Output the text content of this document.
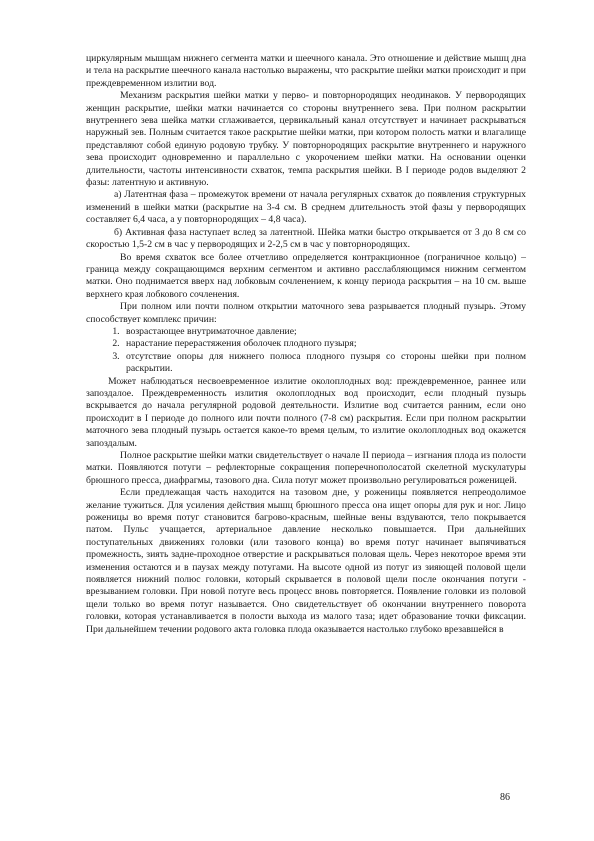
циркулярным мышцам нижнего сегмента матки и шеечного канала. Это отношение и действие мышц дна и тела на раскрытие шеечного канала настолько выражены, что раскрытие шейки матки происходит и при преждевременном излитии вод.

Механизм раскрытия шейки матки у перво- и повторнородящих неодинаков. У первородящих женщин раскрытие, шейки матки начинается со стороны внутреннего зева. При полном раскрытии внутреннего зева шейка матки сглаживается, цервикальный канал отсутствует и начинает раскрываться наружный зев. Полным считается такое раскрытие шейки матки, при котором полость матки и влагалище представляют собой единую родовую трубку. У повторнородящих раскрытие внутреннего и наружного зева происходит одновременно и параллельно с укорочением шейки матки. На основании оценки длительности, частоты интенсивности схваток, темпа раскрытия шейки. В I периоде родов выделяют 2 фазы: латентную и активную.

а) Латентная фаза – промежуток времени от начала регулярных схваток до появления структурных изменений в шейки матки (раскрытие на 3-4 см. В среднем длительность этой фазы у первородящих составляет 6,4 часа, а у повторнородящих – 4,8 часа).

б) Активная фаза наступает вслед за латентной. Шейка матки быстро открывается от 3 до 8 см со скоростью 1,5-2 см в час у первородящих и 2-2,5 см в час у повторнородящих.

Во время схваток все более отчетливо определяется контракционное (пограничное кольцо) – граница между сокращающимся верхним сегментом и активно расслабляющимся нижним сегментом матки. Оно поднимается вверх над лобковым сочленением, к концу периода раскрытия – на 10 см. выше верхнего края лобкового сочленения.

При полном или почти полном открытии маточного зева разрывается плодный пузырь. Этому способствует комплекс причин:

1. возрастающее внутриматочное давление;
2. нарастание перерастяжения оболочек плодного пузыря;
3. отсутствие опоры для нижнего полюса плодного пузыря со стороны шейки при полном раскрытии.

Может наблюдаться несвоевременное излитие околоплодных вод: преждевременное, раннее или запоздалое. Преждевременность излития околоплодных вод происходит, если плодный пузырь вскрывается до начала регулярной родовой деятельности. Излитие вод считается ранним, если оно происходит в I периоде до полного или почти полного (7-8 см) раскрытия. Если при полном раскрытии маточного зева плодный пузырь остается какое-то время целым, то излитие околоплодных вод окажется запоздалым.

Полное раскрытие шейки матки свидетельствует о начале II периода – изгнания плода из полости матки. Появляются потуги – рефлекторные сокращения поперечнополосатой скелетной мускулатуры брюшного пресса, диафрагмы, тазового дна. Сила потуг может произвольно регулироваться роженицей.

Если предлежащая часть находится на тазовом дне, у роженицы появляется непреодолимое желание тужиться. Для усиления действия мышц брюшного пресса она ищет опоры для рук и ног. Лицо роженицы во время потуг становится багрово-красным, шейные вены вздуваются, тело покрывается патом. Пульс учащается, артериальное давление несколько повышается. При дальнейших поступательных движениях головки (или тазового конца) во время потуг начинает выпячиваться промежность, зиять задне-проходное отверстие и раскрываться половая щель. Через некоторое время эти изменения остаются и в паузах между потугами. На высоте одной из потуг из зияющей половой щели появляется нижний полюс головки, который скрывается в половой щели после окончания потуги - врезыванием головки. При новой потуге весь процесс вновь повторяется. Появление головки из половой щели только во время потуг называется. Оно свидетельствует об окончании внутреннего поворота головки, которая устанавливается в полости выхода из малого таза; идет образование точки фиксации. При дальнейшем течении родового акта головка плода оказывается настолько глубоко врезавшейся в

86
